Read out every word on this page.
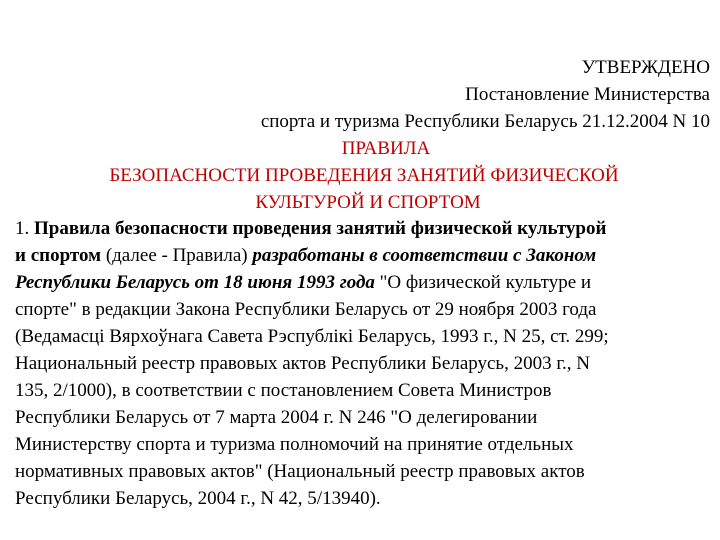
УТВЕРЖДЕНО
Постановление Министерства
спорта и туризма Республики Беларусь 21.12.2004 N 10
ПРАВИЛА
БЕЗОПАСНОСТИ ПРОВЕДЕНИЯ ЗАНЯТИЙ ФИЗИЧЕСКОЙ
КУЛЬТУРОЙ И СПОРТОМ
1. Правила безопасности проведения занятий физической культурой
и спортом (далее - Правила) разработаны в соответствии с Законом
Республики Беларусь от 18 июня 1993 года "О физической культуре и
спорте" в редакции Закона Республики Беларусь от 29 ноября 2003 года
(Ведамасці Вярхоўнага Савета Рэспублікі Беларусь, 1993 г., N 25, ст. 299;
Национальный реестр правовых актов Республики Беларусь, 2003 г., N
135, 2/1000), в соответствии с постановлением Совета Министров
Республики Беларусь от 7 марта 2004 г. N 246 "О делегировании
Министерству спорта и туризма полномочий на принятие отдельных
нормативных правовых актов" (Национальный реестр правовых актов
Республики Беларусь, 2004 г., N 42, 5/13940).
